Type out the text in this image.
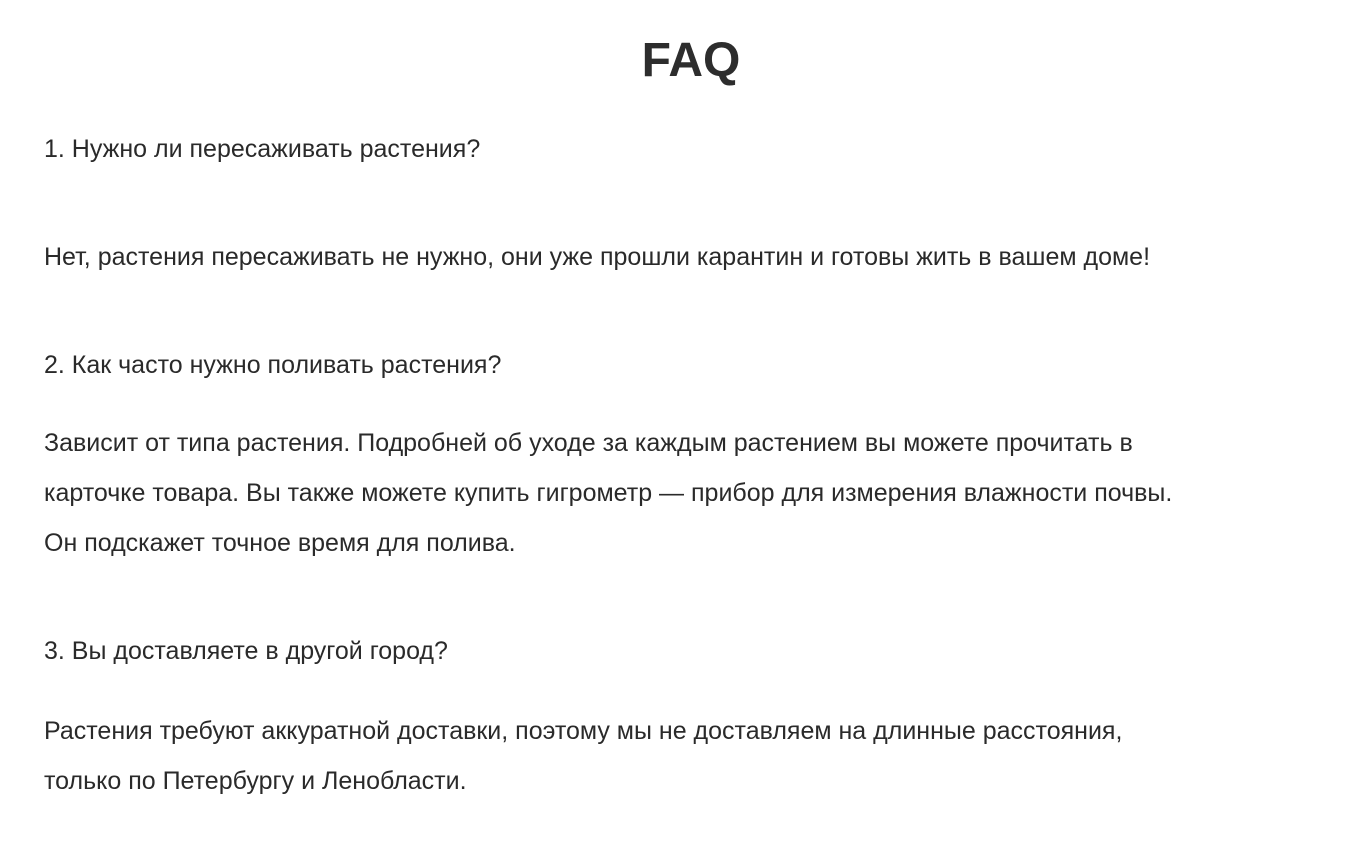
FAQ

1. Нужно ли пересаживать растения?

Нет, растения пересаживать не нужно, они уже прошли карантин и готовы жить в вашем доме!

2. Как часто нужно поливать растения?

Зависит от типа растения. Подробней об уходе за каждым растением вы можете прочитать в
карточке товара. Вы также можете купить гигрометр — прибор для измерения влажности почвы.
Он подскажет точное время для полива.

3. Вы доставляете в другой город?

Растения требуют аккуратной доставки, поэтому мы не доставляем на длинные расстояния,
только по Петербургу и Ленобласти.
